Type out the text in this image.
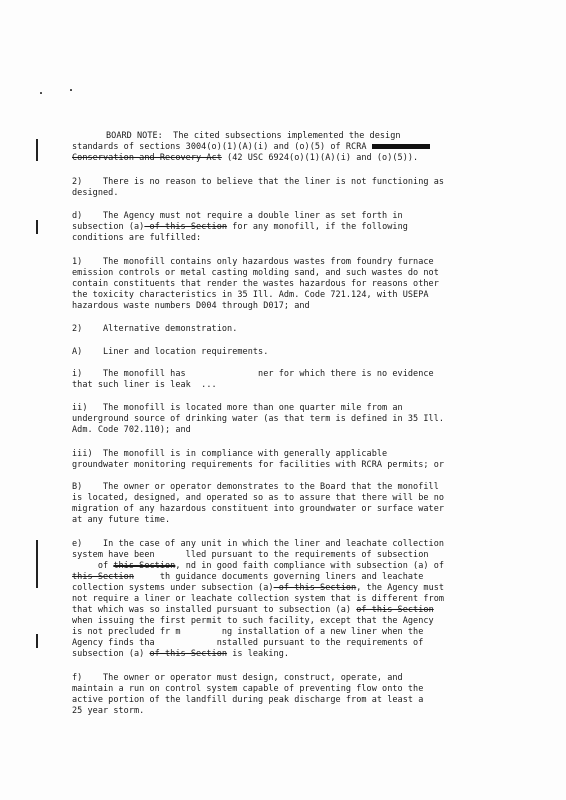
BOARD NOTE:  The cited subsections implemented the design
standards of sections 3004(o)(1)(A)(i) and (o)(5) of RCRA
Conservation and Recovery Act (42 USC 6924(o)(1)(A)(i) and (o)(5)).
2)    There is no reason to believe that the liner is not functioning as
designed.
d)    The Agency must not require a double liner as set forth in
subsection (a) of this Section for any monofill, if the following
conditions are fulfilled:
1)    The monofill contains only hazardous wastes from foundry furnace
emission controls or metal casting molding sand, and such wastes do not
contain constituents that render the wastes hazardous for reasons other
the toxicity characteristics in 35 Ill. Adm. Code 721.124, with USEPA
hazardous waste numbers D004 through D017; and
2)    Alternative demonstration.
A)    Liner and location requirements.
i)    The monofill has              ner for which there is no evidence
that such liner is leak  ...
ii)   The monofill is located more than one quarter mile from an
underground source of drinking water (as that term is defined in 35 Ill.
Adm. Code 702.110); and
iii)  The monofill is in compliance with generally applicable
groundwater monitoring requirements for facilities with RCRA permits; or
B)    The owner or operator demonstrates to the Board that the monofill
is located, designed, and operated so as to assure that there will be no
migration of any hazardous constituent into groundwater or surface water
at any future time.
e)    In the case of any unit in which the liner and leachate collection
system have been      lled pursuant to the requirements of subsection
of this Section, nd in good faith compliance with subsection (a) of
this Section     th guidance documents governing liners and leachate
collection systems under subsection (a) of this Section, the Agency must
not require a liner or leachate collection system that is different from
that which was so installed pursuant to subsection (a) of this Section
when issuing the first permit to such facility, except that the Agency
is not precluded fr m        ng installation of a new liner when the
Agency finds tha            nstalled pursuant to the requirements of
subsection (a) of this Section is leaking.
f)    The owner or operator must design, construct, operate, and
maintain a run on control system capable of preventing flow onto the
active portion of the landfill during peak discharge from at least a
25 year storm.
